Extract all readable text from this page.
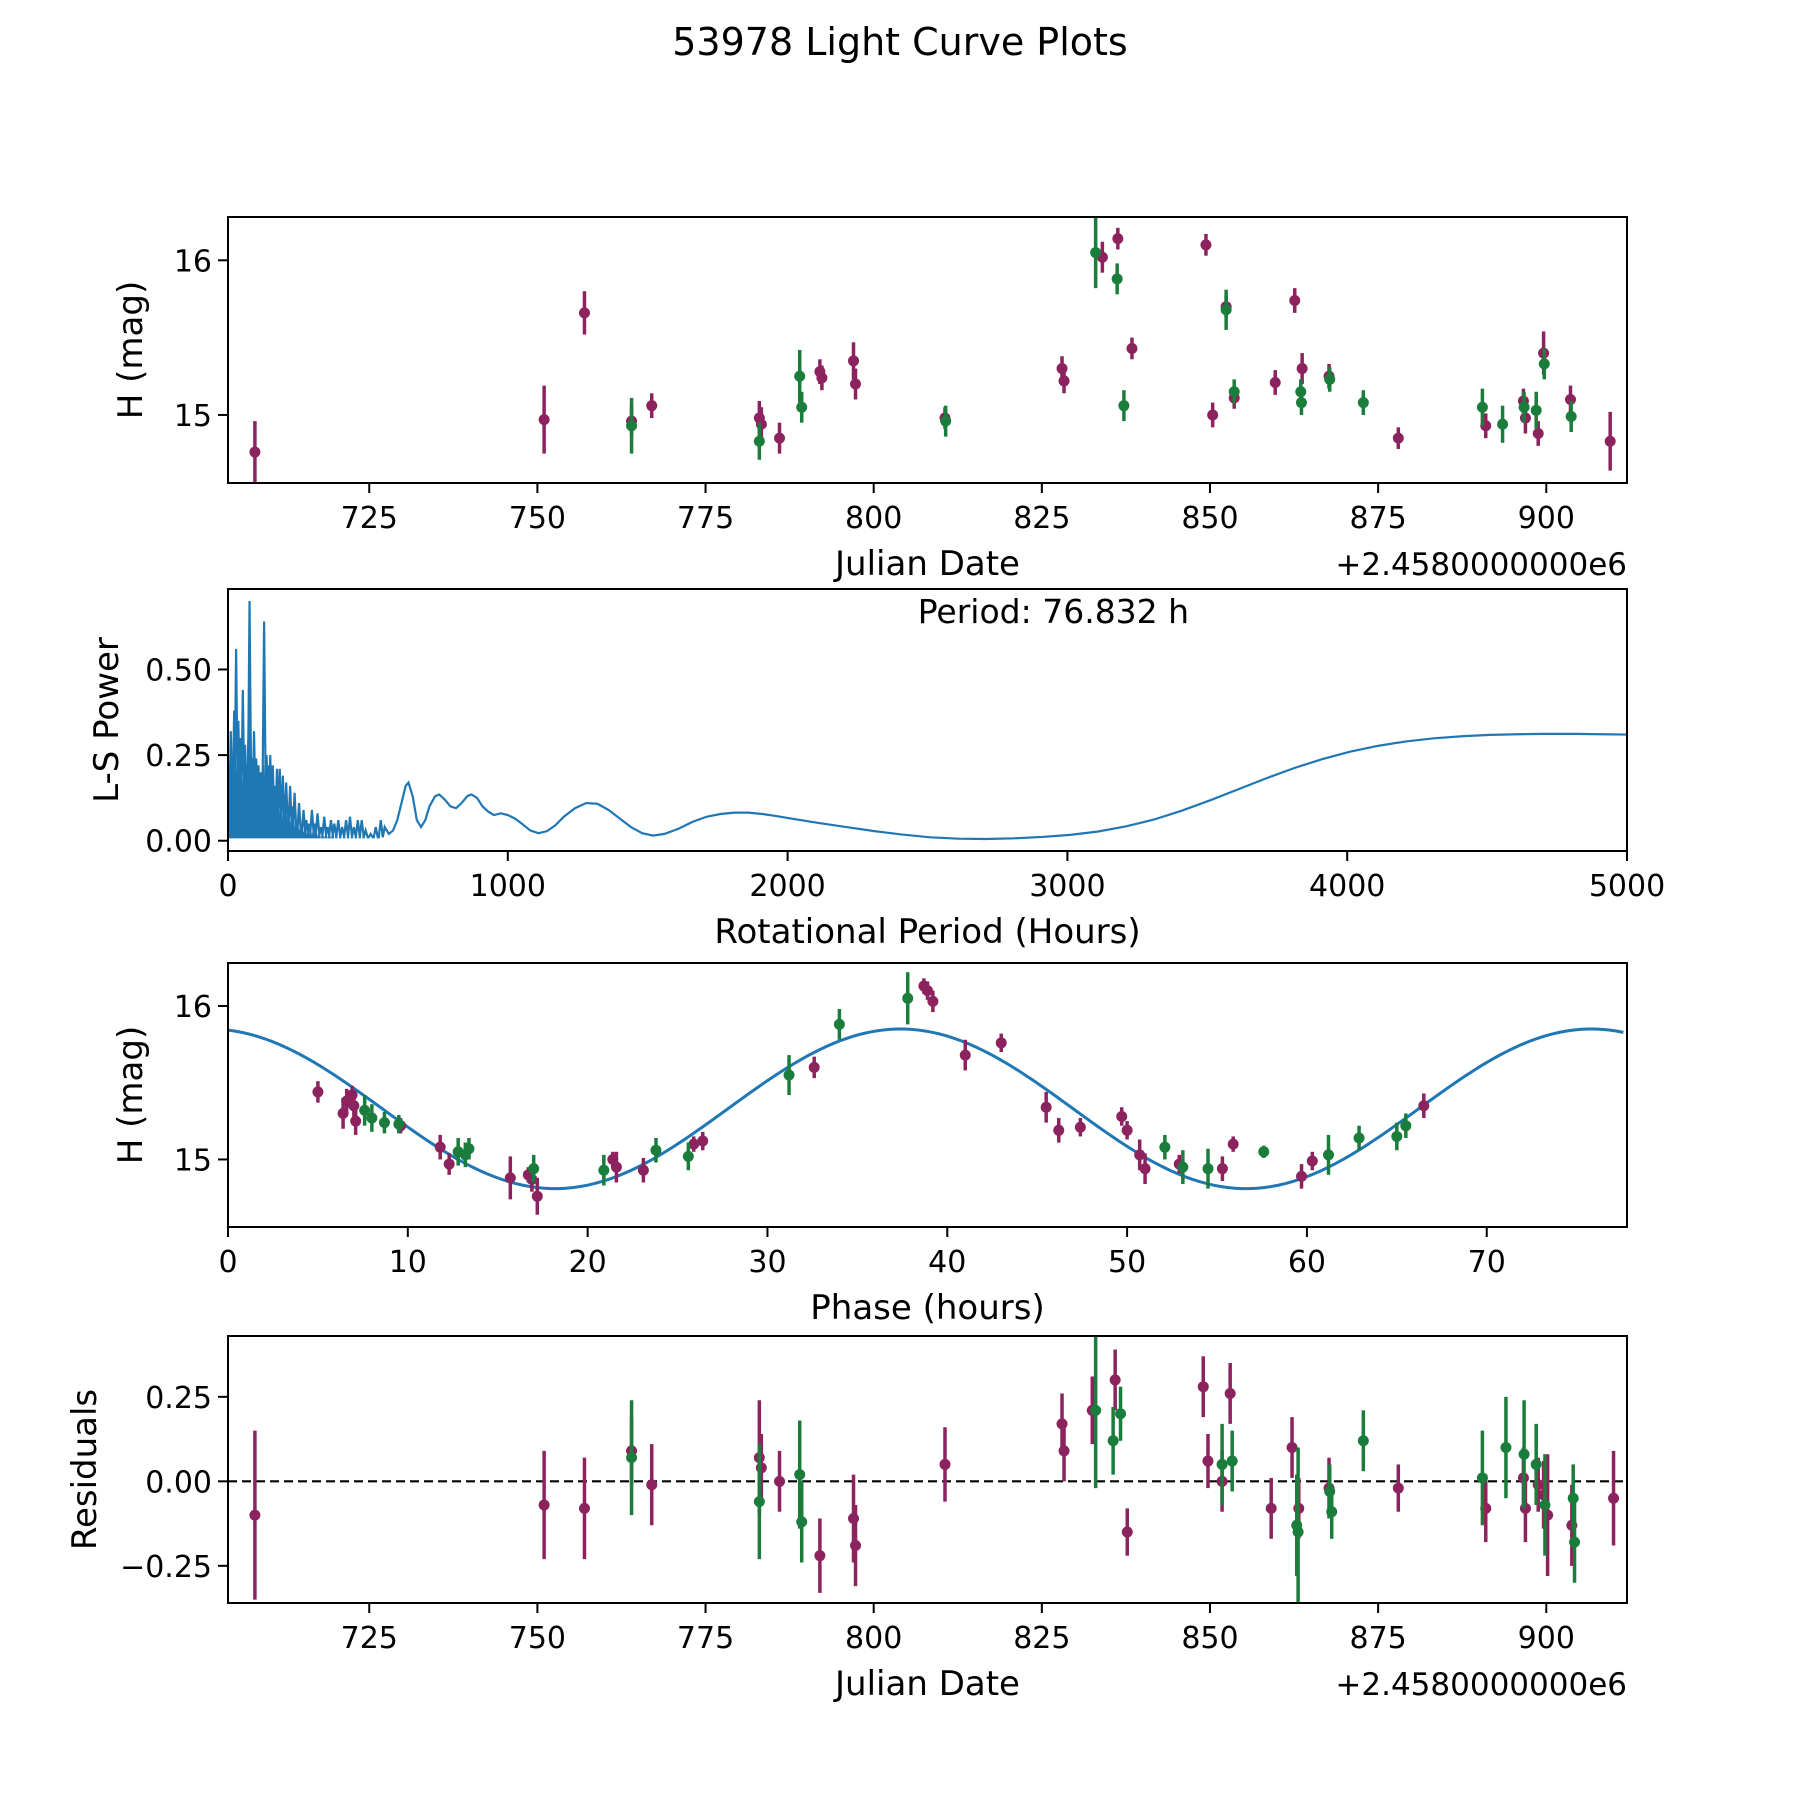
53978 Light Curve Plots
725	750	775	800	825	850	875	900
15
16
Julian Date
H (mag)
+2.4580000000e6
0	1000	2000	3000	4000	5000
0.00
0.25
0.50
Rotational Period (Hours)
L-S Power
Period: 76.832 h
0	10	20	30	40	50	60	70
15
16
Phase (hours)
H (mag)
725	750	775	800	825	850	875	900
−0.25
0.00
0.25
Julian Date
Residuals
+2.4580000000e6
